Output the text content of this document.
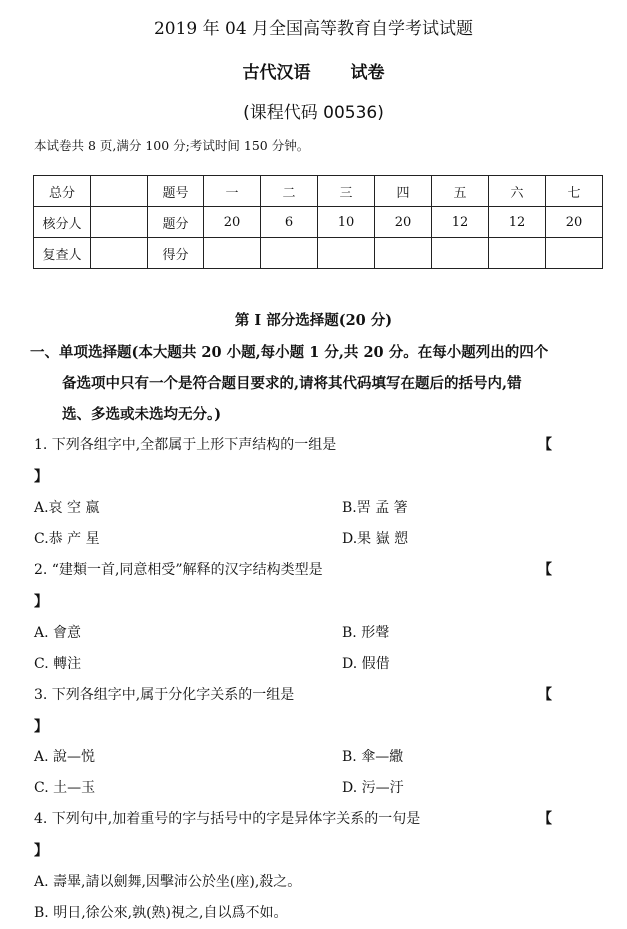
2019 年 04 月全国高等教育自学考试试题
古代汉语 试卷
(课程代码 00536)
本试卷共 8 页,满分 100 分;考试时间 150 分钟。
总分		题号	一	二	三	四	五	六	七
核分人		题分	20	6	10	20	12	12	20
复查人		得分							
第 I 部分选择题(20 分)
一、单项选择题(本大题共 20 小题,每小题 1 分,共 20 分。在每小题列出的四个
备选项中只有一个是符合题目要求的,请将其代码填写在题后的括号内,错
选、多选或未选均无分。)
1. 下列各组字中,全都属于上形下声结构的一组是	【
】
A.哀 空 嬴	B.罟 孟 箸
C.恭 产 星	D.果 嶽 愬
2. “建類一首,同意相受”解释的汉字结构类型是	【
】
A. 會意	B. 形聲
C. 轉注	D. 假借
3. 下列各组字中,属于分化字关系的一组是	【
】
A. 說—悦	B. 傘—繖
C. 土—玉	D. 污—汙
4. 下列句中,加着重号的字与括号中的字是异体字关系的一句是	【
】
A. 壽畢,請以劍舞,因擊沛公於坐(座),殺之。
B. 明日,徐公來,孰(熟)視之,自以爲不如。
